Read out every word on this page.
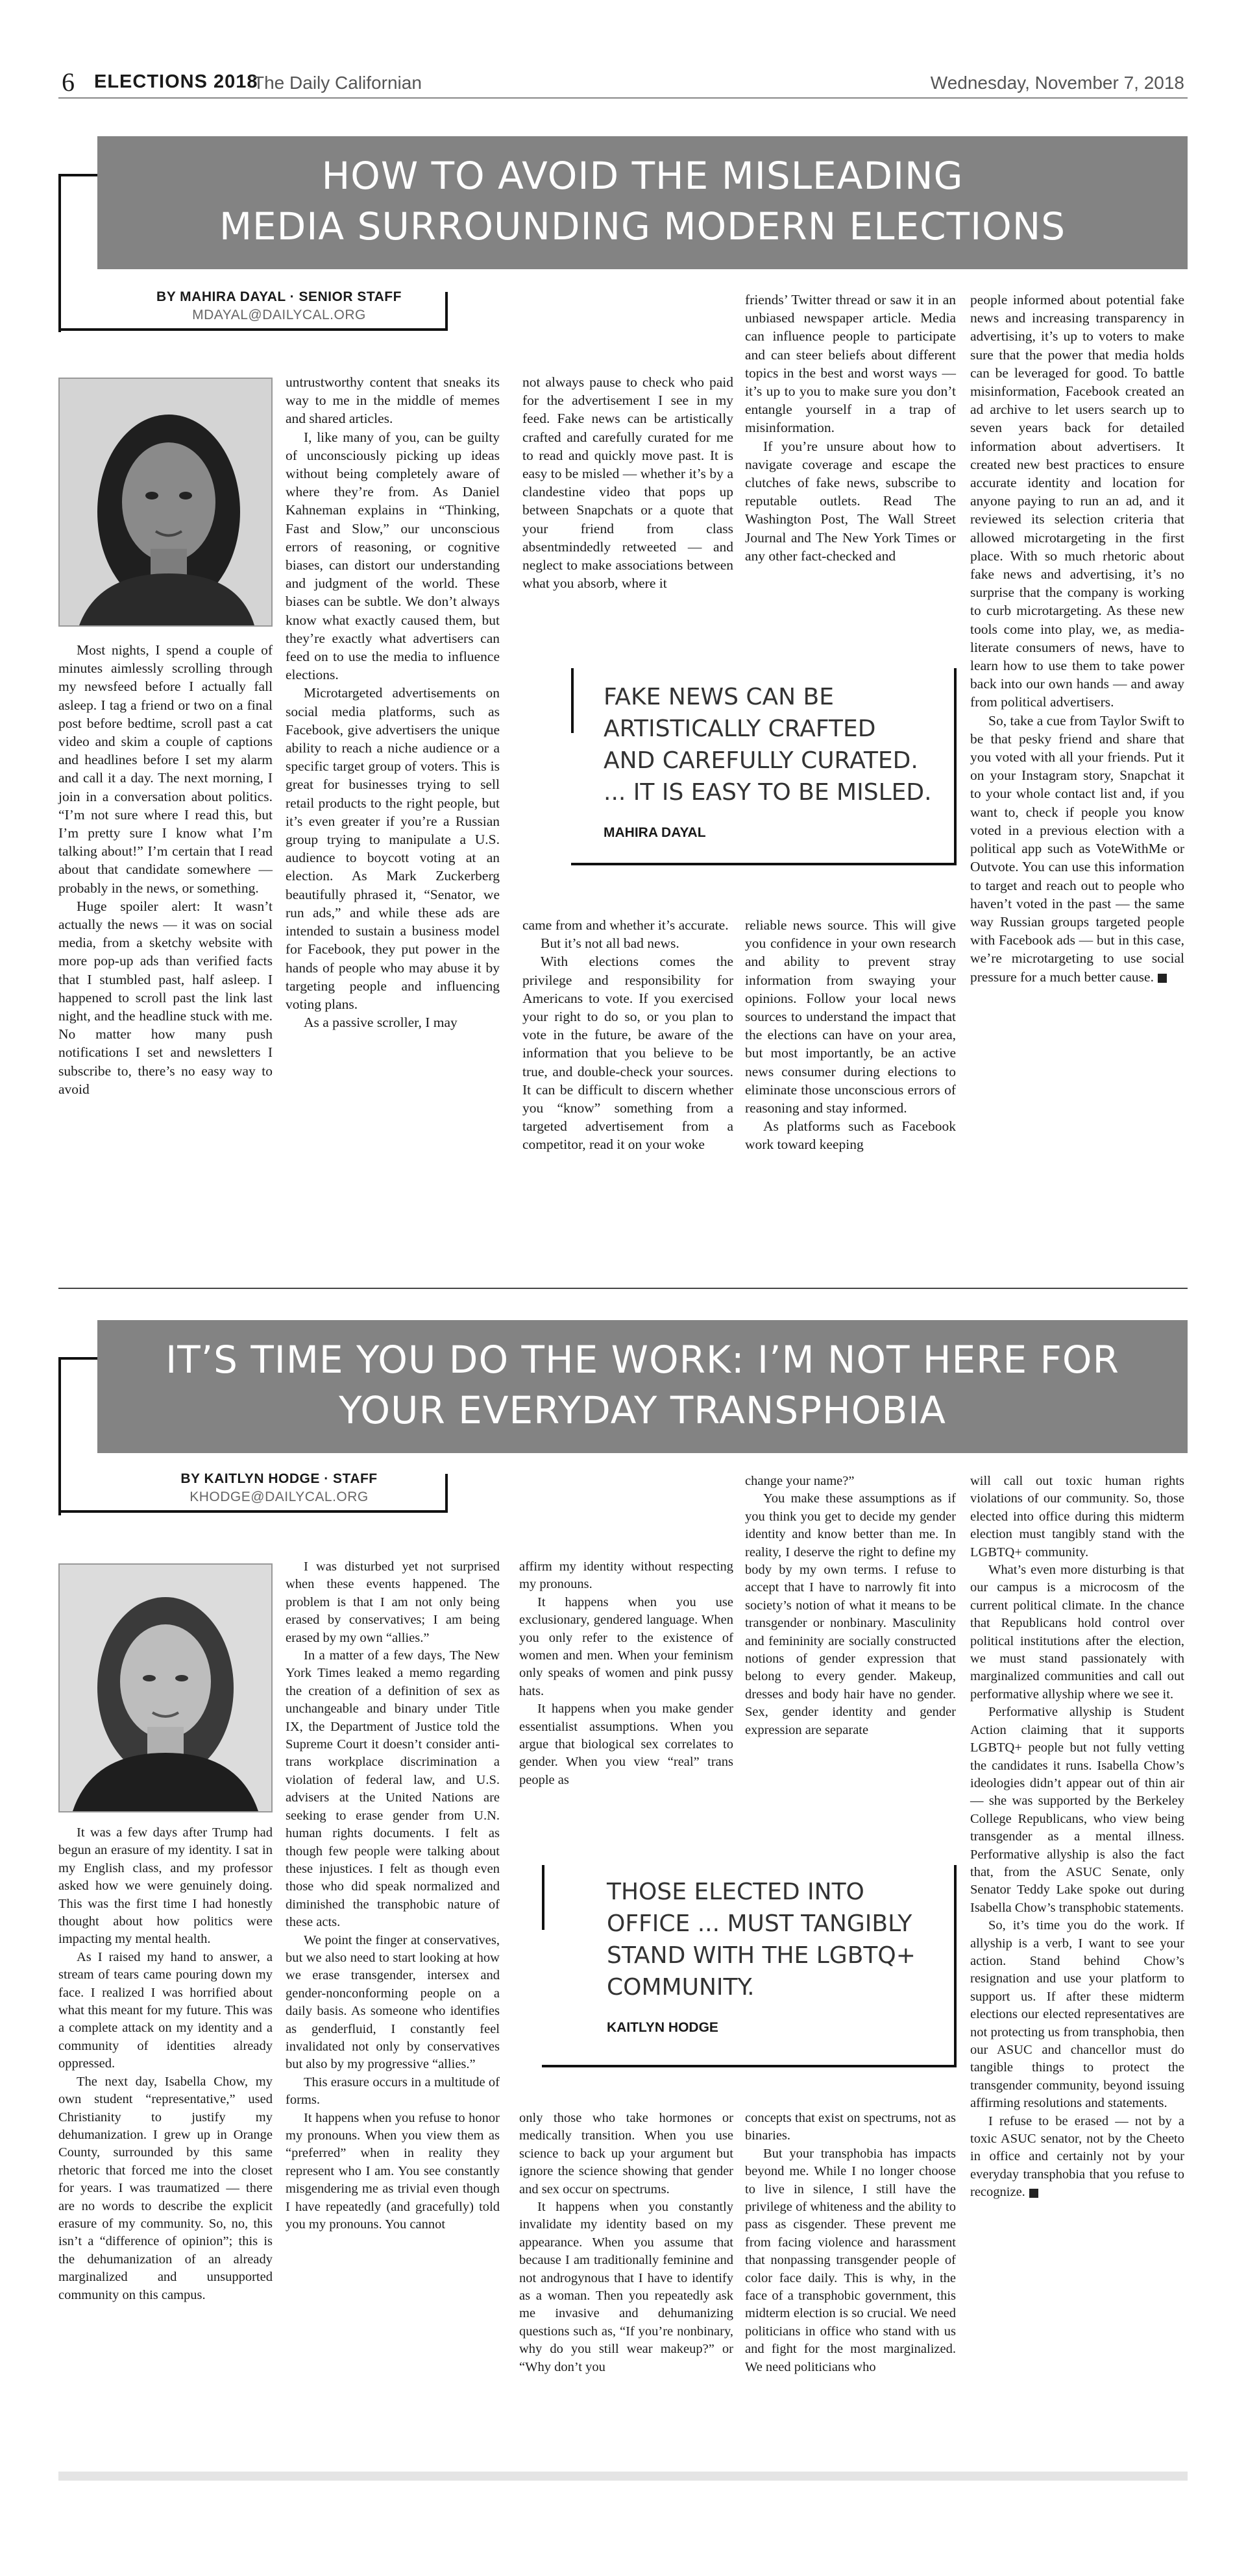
6 ELECTIONS 2018
The Daily Californian	Wednesday, November 7, 2018
HOW TO AVOID THE MISLEADING
MEDIA SURROUNDING MODERN ELECTIONS
BY MAHIRA DAYAL · SENIOR STAFF
MDAYAL@DAILYCAL.ORG

Most nights, I spend a couple of minutes aimlessly scrolling through my newsfeed before I actually fall asleep. I tag a friend or two on a final post before bedtime, scroll past a cat video and skim a couple of captions and headlines before I set my alarm and call it a day. The next morning, I join in a conversation about politics. “I’m not sure where I read this, but I’m pretty sure I know what I’m talking about!” I’m certain that I read about that candidate somewhere — probably in the news, or something.

Huge spoiler alert: It wasn’t actually the news — it was on social media, from a sketchy website with more pop-up ads than verified facts that I stumbled past, half asleep. I happened to scroll past the link last night, and the headline stuck with me. No matter how many push notifications I set and newsletters I subscribe to, there’s no easy way to avoid

untrustworthy content that sneaks its way to me in the middle of memes and shared articles.

I, like many of you, can be guilty of unconsciously picking up ideas without being completely aware of where they’re from. As Daniel Kahneman explains in “Thinking, Fast and Slow,” our unconscious errors of reasoning, or cognitive biases, can distort our understanding and judgment of the world. These biases can be subtle. We don’t always know what exactly caused them, but they’re exactly what advertisers can feed on to use the media to influence elections.

Microtargeted advertisements on social media platforms, such as Facebook, give advertisers the unique ability to reach a niche audience or a specific target group of voters. This is great for businesses trying to sell retail products to the right people, but it’s even greater if you’re a Russian group trying to manipulate a U.S. audience to boycott voting at an election. As Mark Zuckerberg beautifully phrased it, “Senator, we run ads,” and while these ads are intended to sustain a business model for Facebook, they put power in the hands of people who may abuse it by targeting people and influencing voting plans.

As a passive scroller, I may

not always pause to check who paid for the advertisement I see in my feed. Fake news can be artistically crafted and carefully curated for me to read and quickly move past. It is easy to be misled — whether it’s by a clandestine video that pops up between Snapchats or a quote that your friend from class absentmindedly retweeted — and neglect to make associations between what you absorb, where it

friends’ Twitter thread or saw it in an unbiased newspaper article. Media can influence people to participate and can steer beliefs about different topics in the best and worst ways — it’s up to you to make sure you don’t entangle yourself in a trap of misinformation.

If you’re unsure about how to navigate coverage and escape the clutches of fake news, subscribe to reputable outlets. Read The Washington Post, The Wall Street Journal and The New York Times or any other fact-checked and

FAKE NEWS CAN BE
ARTISTICALLY CRAFTED
AND CAREFULLY CURATED.
... IT IS EASY TO BE MISLED.
MAHIRA DAYAL

came from and whether it’s accurate.

But it’s not all bad news.

With elections comes the privilege and responsibility for Americans to vote. If you exercised your right to do so, or you plan to vote in the future, be aware of the information that you believe to be true, and double-check your sources. It can be difficult to discern whether you “know” something from a targeted advertisement from a competitor, read it on your woke

reliable news source. This will give you confidence in your own research and ability to prevent stray information from swaying your opinions. Follow your local news sources to understand the impact that the elections can have on your area, but most importantly, be an active news consumer during elections to eliminate those unconscious errors of reasoning and stay informed.

As platforms such as Facebook work toward keeping

people informed about potential fake news and increasing transparency in advertising, it’s up to voters to make sure that the power that media holds can be leveraged for good. To battle misinformation, Facebook created an ad archive to let users search up to seven years back for detailed information about advertisers. It created new best practices to ensure accurate identity and location for anyone paying to run an ad, and it reviewed its selection criteria that allowed microtargeting in the first place. With so much rhetoric about fake news and advertising, it’s no surprise that the company is working to curb microtargeting. As these new tools come into play, we, as media-literate consumers of news, have to learn how to use them to take power back into our own hands — and away from political advertisers.

So, take a cue from Taylor Swift to be that pesky friend and share that you voted with all your friends. Put it on your Instagram story, Snapchat it to your whole contact list and, if you want to, check if people you know voted in a previous election with a political app such as VoteWithMe or Outvote. You can use this information to target and reach out to people who haven’t voted in the past — the same way Russian groups targeted people with Facebook ads — but in this case, we’re microtargeting to use social pressure for a much better cause.

IT’S TIME YOU DO THE WORK: I’M NOT HERE FOR
YOUR EVERYDAY TRANSPHOBIA
BY KAITLYN HODGE · STAFF
KHODGE@DAILYCAL.ORG

It was a few days after Trump had begun an erasure of my identity. I sat in my English class, and my professor asked how we were genuinely doing. This was the first time I had honestly thought about how politics were impacting my mental health.

As I raised my hand to answer, a stream of tears came pouring down my face. I realized I was horrified about what this meant for my future. This was a complete attack on my identity and a community of identities already oppressed.

The next day, Isabella Chow, my own student “representative,” used Christianity to justify my dehumanization. I grew up in Orange County, surrounded by this same rhetoric that forced me into the closet for years. I was traumatized — there are no words to describe the explicit erasure of my community. So, no, this isn’t a “difference of opinion”; this is the dehumanization of an already marginalized and unsupported community on this campus.

I was disturbed yet not surprised when these events happened. The problem is that I am not only being erased by conservatives; I am being erased by my own “allies.”

In a matter of a few days, The New York Times leaked a memo regarding the creation of a definition of sex as unchangeable and binary under Title IX, the Department of Justice told the Supreme Court it doesn’t consider anti-trans workplace discrimination a violation of federal law, and U.S. advisers at the United Nations are seeking to erase gender from U.N. human rights documents. I felt as though few people were talking about these injustices. I felt as though even those who did speak normalized and diminished the transphobic nature of these acts.

We point the finger at conservatives, but we also need to start looking at how we erase transgender, intersex and gender-nonconforming people on a daily basis. As someone who identifies as genderfluid, I constantly feel invalidated not only by conservatives but also by my progressive “allies.”

This erasure occurs in a multitude of forms.

It happens when you refuse to honor my pronouns. When you view them as “preferred” when in reality they represent who I am. You see constantly misgendering me as trivial even though I have repeatedly (and gracefully) told you my pronouns. You cannot

affirm my identity without respecting my pronouns.

It happens when you use exclusionary, gendered language. When you only refer to the existence of women and men. When your feminism only speaks of women and pink pussy hats.

It happens when you make gender essentialist assumptions. When you argue that biological sex correlates to gender. When you view “real” trans people as

change your name?”

You make these assumptions as if you think you get to decide my gender identity and know better than me. In reality, I deserve the right to define my body by my own terms. I refuse to accept that I have to narrowly fit into society’s notion of what it means to be transgender or nonbinary. Masculinity and femininity are socially constructed notions of gender expression that belong to every gender. Makeup, dresses and body hair have no gender. Sex, gender identity and gender expression are separate

THOSE ELECTED INTO
OFFICE ... MUST TANGIBLY
STAND WITH THE LGBTQ+
COMMUNITY.
KAITLYN HODGE

only those who take hormones or medically transition. When you use science to back up your argument but ignore the science showing that gender and sex occur on spectrums.

It happens when you constantly invalidate my identity based on my appearance. When you assume that because I am traditionally feminine and not androgynous that I have to identify as a woman. Then you repeatedly ask me invasive and dehumanizing questions such as, “If you’re nonbinary, why do you still wear makeup?” or “Why don’t you

concepts that exist on spectrums, not as binaries.

But your transphobia has impacts beyond me. While I no longer choose to live in silence, I still have the privilege of whiteness and the ability to pass as cisgender. These prevent me from facing violence and harassment that nonpassing transgender people of color face daily. This is why, in the face of a transphobic government, this midterm election is so crucial. We need politicians in office who stand with us and fight for the most marginalized. We need politicians who

will call out toxic human rights violations of our community. So, those elected into office during this midterm election must tangibly stand with the LGBTQ+ community.

What’s even more disturbing is that our campus is a microcosm of the current political climate. In the chance that Republicans hold control over political institutions after the election, we must stand passionately with marginalized communities and call out performative allyship where we see it.

Performative allyship is Student Action claiming that it supports LGBTQ+ people but not fully vetting the candidates it runs. Isabella Chow’s ideologies didn’t appear out of thin air — she was supported by the Berkeley College Republicans, who view being transgender as a mental illness. Performative allyship is also the fact that, from the ASUC Senate, only Senator Teddy Lake spoke out during Isabella Chow’s transphobic statements.

So, it’s time you do the work. If allyship is a verb, I want to see your action. Stand behind Chow’s resignation and use your platform to support us. If after these midterm elections our elected representatives are not protecting us from transphobia, then our ASUC and chancellor must do tangible things to protect the transgender community, beyond issuing affirming resolutions and statements.

I refuse to be erased — not by a toxic ASUC senator, not by the Cheeto in office and certainly not by your everyday transphobia that you refuse to recognize.
